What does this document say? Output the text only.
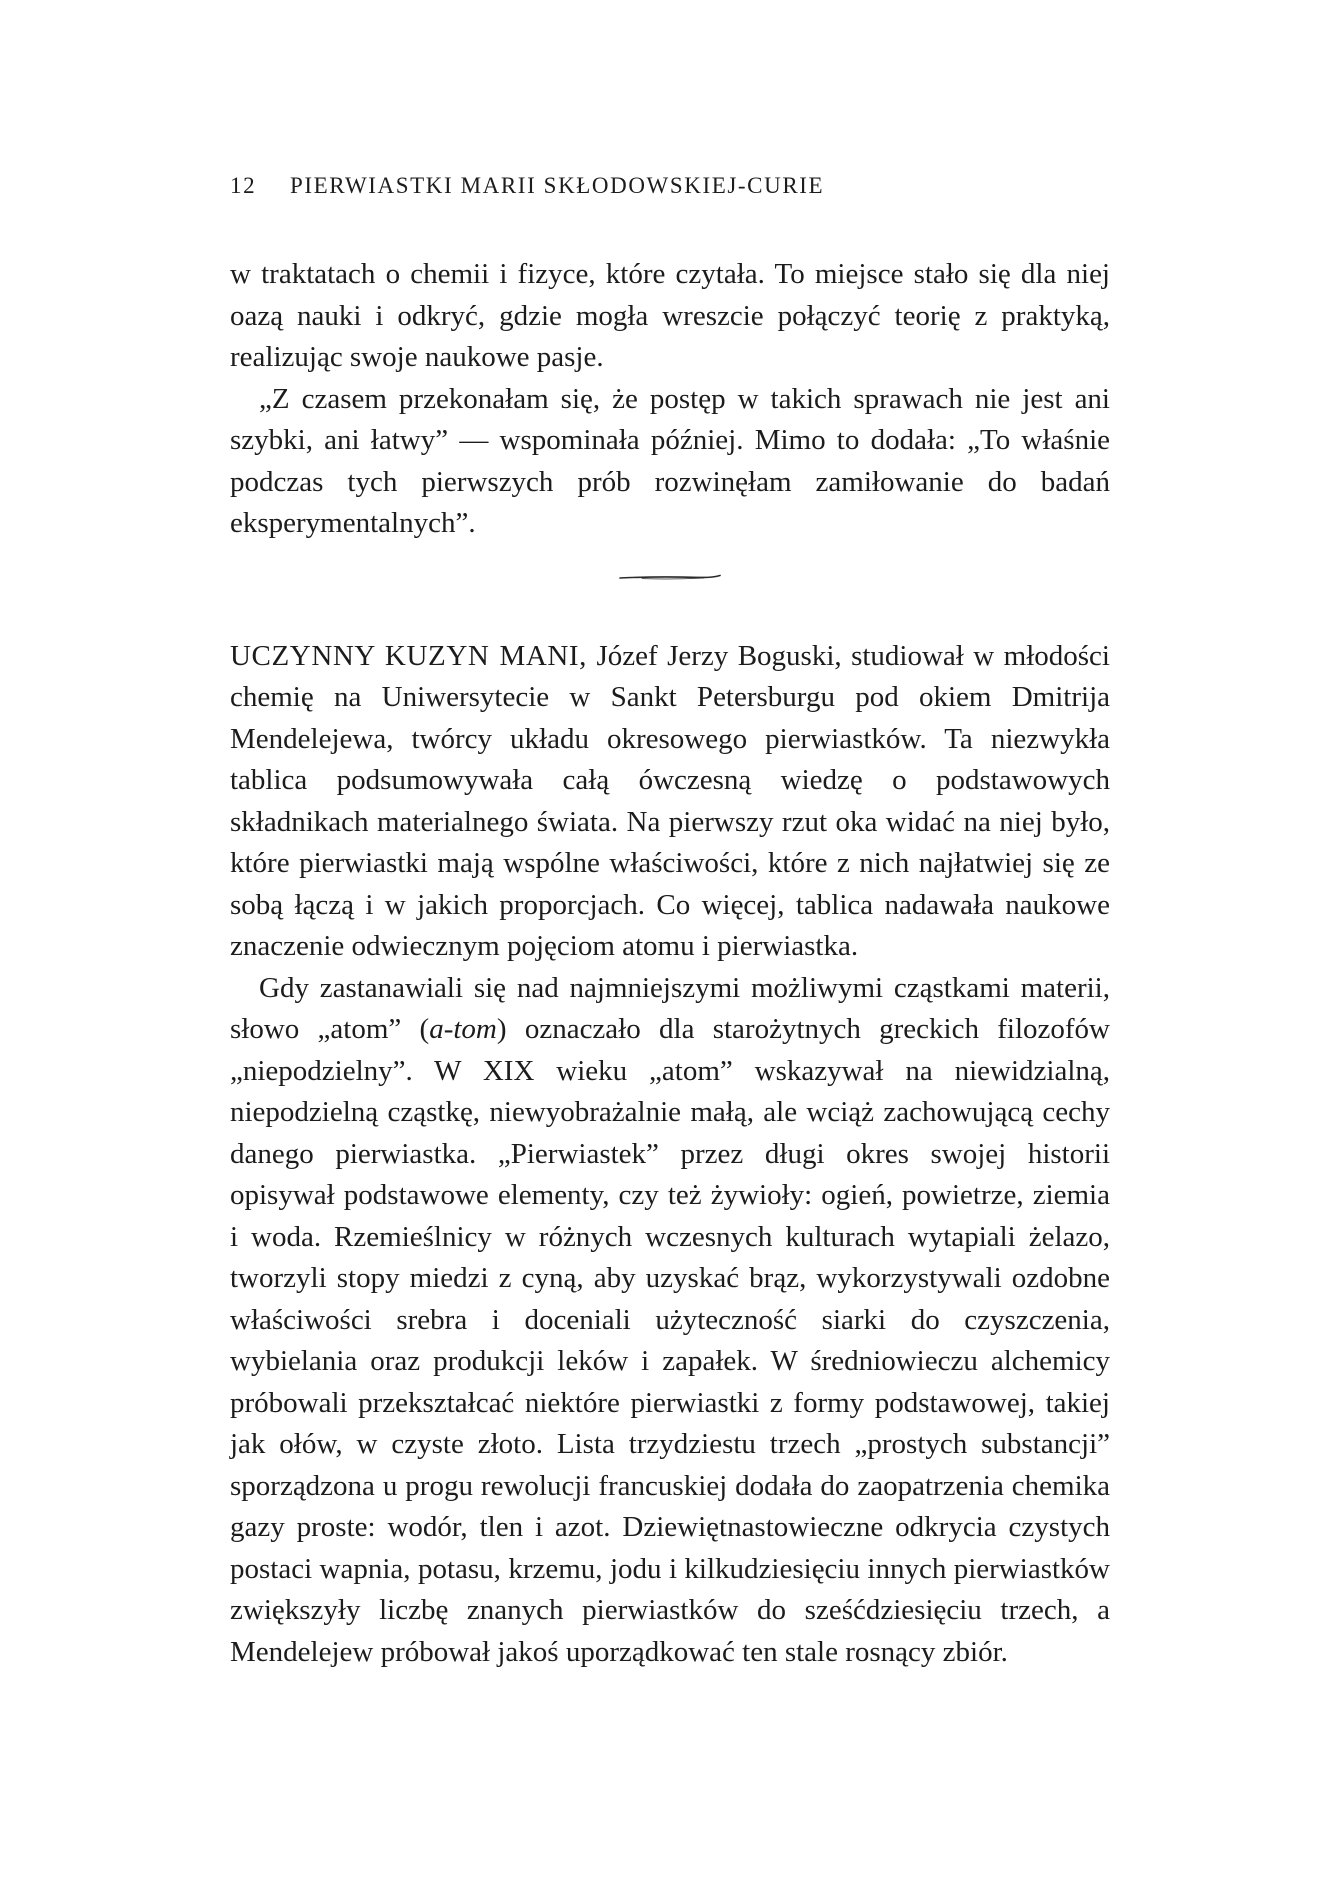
12 PIERWIASTKI MARII SKŁODOWSKIEJ-CURIE

w traktatach o chemii i fizyce, które czytała. To miejsce stało się dla niej oazą nauki i odkryć, gdzie mogła wreszcie połączyć teorię z praktyką, realizując swoje naukowe pasje.

„Z czasem przekonałam się, że postęp w takich sprawach nie jest ani szybki, ani łatwy” — wspominała później. Mimo to dodała: „To właśnie podczas tych pierwszych prób rozwinęłam zamiłowanie do badań eksperymentalnych”.

UCZYNNY KUZYN MANI, Józef Jerzy Boguski, studiował w młodości chemię na Uniwersytecie w Sankt Petersburgu pod okiem Dmitrija Mendelejewa, twórcy układu okresowego pierwiastków. Ta niezwykła tablica podsumowywała całą ówczesną wiedzę o podstawowych składnikach materialnego świata. Na pierwszy rzut oka widać na niej było, które pierwiastki mają wspólne właściwości, które z nich najłatwiej się ze sobą łączą i w jakich proporcjach. Co więcej, tablica nadawała naukowe znaczenie odwiecznym pojęciom atomu i pierwiastka.

Gdy zastanawiali się nad najmniejszymi możliwymi cząstkami materii, słowo „atom” (a-tom) oznaczało dla starożytnych greckich filozofów „niepodzielny”. W XIX wieku „atom” wskazywał na niewidzialną, niepodzielną cząstkę, niewyobrażalnie małą, ale wciąż zachowującą cechy danego pierwiastka. „Pierwiastek” przez długi okres swojej historii opisywał podstawowe elementy, czy też żywioły: ogień, powietrze, ziemia i woda. Rzemieślnicy w różnych wczesnych kulturach wytapiali żelazo, tworzyli stopy miedzi z cyną, aby uzyskać brąz, wykorzystywali ozdobne właściwości srebra i doceniali użyteczność siarki do czyszczenia, wybielania oraz produkcji leków i zapałek. W średniowieczu alchemicy próbowali przekształcać niektóre pierwiastki z formy podstawowej, takiej jak ołów, w czyste złoto. Lista trzydziestu trzech „prostych substancji” sporządzona u progu rewolucji francuskiej dodała do zaopatrzenia chemika gazy proste: wodór, tlen i azot. Dziewiętnastowieczne odkrycia czystych postaci wapnia, potasu, krzemu, jodu i kilkudziesięciu innych pierwiastków zwiększyły liczbę znanych pierwiastków do sześćdziesięciu trzech, a Mendelejew próbował jakoś uporządkować ten stale rosnący zbiór.
